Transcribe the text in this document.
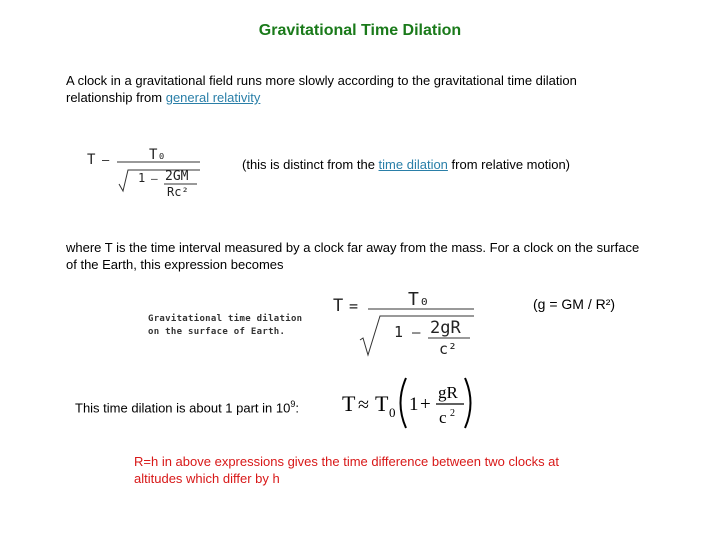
Gravitational Time Dilation
A clock in a gravitational field runs more slowly according to the gravitational time dilation relationship from general relativity
T –	T₀
1 – 2GM
Rc²
(this is distinct from the time dilation from relative motion)
where T is the time interval measured by a clock far away from the mass. For a clock on the surface of the Earth, this expression becomes
Gravitational time dilation
on the surface of Earth.
T =	T₀
1 – 2gR
c²
(g = GM / R²)
This time dilation is about 1 part in $10^9$: T ≈ T 0 1 +
gR
c 2
R=h in above expressions gives the time difference between two clocks at
altitudes which differ by h
